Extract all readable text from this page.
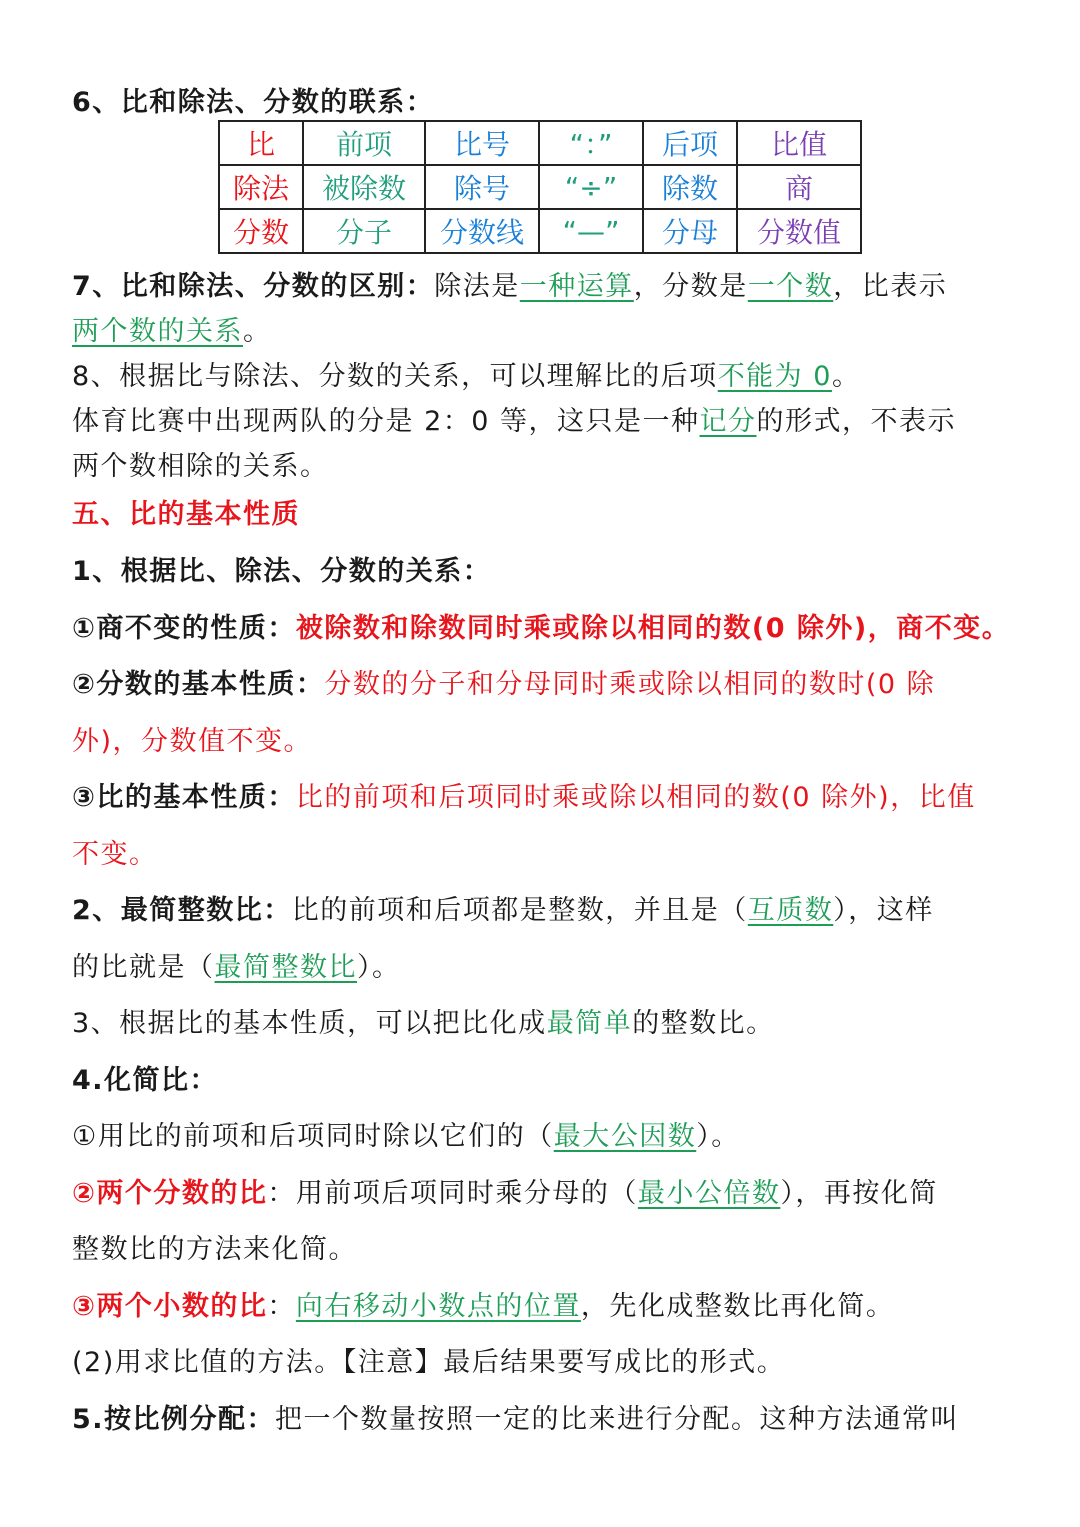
6、比和除法、分数的联系：
比	前项	比号	“：”	后项	比值
除法	被除数	除号	“÷”	除数	商
分数	分子	分数线	“—”	分母	分数值
7、比和除法、分数的区别：除法是一种运算，分数是一个数，比表示
两个数的关系。
8、根据比与除法、分数的关系，可以理解比的后项不能为 0。
体育比赛中出现两队的分是 2：0 等，这只是一种记分的形式，不表示
两个数相除的关系。
五、比的基本性质
1、根据比、除法、分数的关系：
①商不变的性质：被除数和除数同时乘或除以相同的数(0 除外)，商不变。
②分数的基本性质：分数的分子和分母同时乘或除以相同的数时(0 除
外)，分数值不变。
③比的基本性质：比的前项和后项同时乘或除以相同的数(0 除外)，比值
不变。
2、最简整数比：比的前项和后项都是整数，并且是（互质数），这样
的比就是（最简整数比）。
3、根据比的基本性质，可以把比化成最简单的整数比。
4.化简比：
①用比的前项和后项同时除以它们的（最大公因数）。
②两个分数的比：用前项后项同时乘分母的（最小公倍数），再按化简
整数比的方法来化简。
③两个小数的比：向右移动小数点的位置，先化成整数比再化简。
(2)用求比值的方法。【注意】最后结果要写成比的形式。
5.按比例分配：把一个数量按照一定的比来进行分配。这种方法通常叫
